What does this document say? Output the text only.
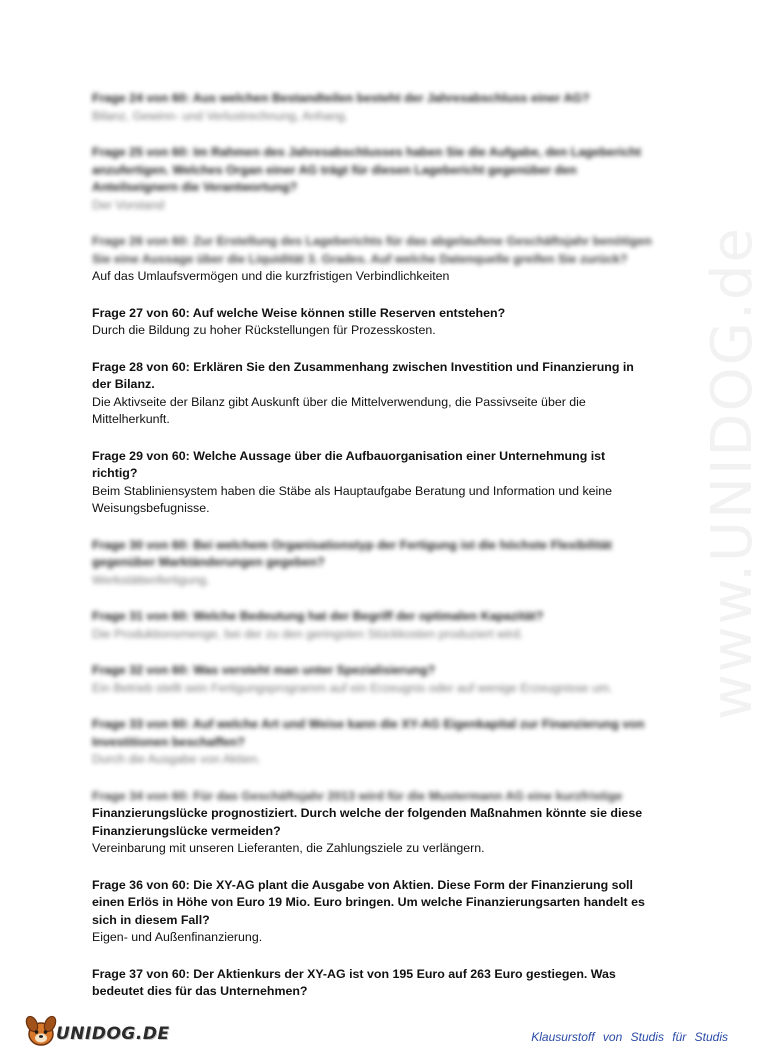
www.UNIDOG.de

Frage 24 von 60: Aus welchen Bestandteilen besteht der Jahresabschluss einer AG?

Bilanz, Gewinn- und Verlustrechnung, Anhang.

Frage 25 von 60: Im Rahmen des Jahresabschlusses haben Sie die Aufgabe, den Lagebericht anzufertigen. Welches Organ einer AG trägt für diesen Lagebericht gegenüber den Anteilseignern die Verantwortung?

Der Vorstand

Frage 26 von 60: Zur Erstellung des Lageberichts für das abgelaufene Geschäftsjahr benötigen Sie eine Aussage über die Liquidität 3. Grades. Auf welche Datenquelle greifen Sie zurück?

Auf das Umlaufsvermögen und die kurzfristigen Verbindlichkeiten

Frage 27 von 60: Auf welche Weise können stille Reserven entstehen?

Durch die Bildung zu hoher Rückstellungen für Prozesskosten.

Frage 28 von 60: Erklären Sie den Zusammenhang zwischen Investition und Finanzierung in der Bilanz.

Die Aktivseite der Bilanz gibt Auskunft über die Mittelverwendung, die Passivseite über die Mittelherkunft.

Frage 29 von 60: Welche Aussage über die Aufbauorganisation einer Unternehmung ist richtig?

Beim Stabliniensystem haben die Stäbe als Hauptaufgabe Beratung und Information und keine Weisungsbefugnisse.

Frage 30 von 60: Bei welchem Organisationstyp der Fertigung ist die höchste Flexibilität gegenüber Marktänderungen gegeben?

Werkstättenfertigung.

Frage 31 von 60: Welche Bedeutung hat der Begriff der optimalen Kapazität?

Die Produktionsmenge, bei der zu den geringsten Stückkosten produziert wird.

Frage 32 von 60: Was versteht man unter Spezialisierung?

Ein Betrieb stellt sein Fertigungsprogramm auf ein Erzeugnis oder auf wenige Erzeugnisse um.

Frage 33 von 60: Auf welche Art und Weise kann die XY-AG Eigenkapital zur Finanzierung von Investitionen beschaffen?

Durch die Ausgabe von Aktien.

Frage 34 von 60: Für das Geschäftsjahr 2013 wird für die Mustermann AG eine kurzfristige

Finanzierungslücke prognostiziert. Durch welche der folgenden Maßnahmen könnte sie diese Finanzierungslücke vermeiden?

Vereinbarung mit unseren Lieferanten, die Zahlungsziele zu verlängern.

Frage 36 von 60: Die XY-AG plant die Ausgabe von Aktien. Diese Form der Finanzierung soll einen Erlös in Höhe von Euro 19 Mio. Euro bringen. Um welche Finanzierungsarten handelt es sich in diesem Fall?

Eigen- und Außenfinanzierung.

Frage 37 von 60: Der Aktienkurs der XY-AG ist von 195 Euro auf 263 Euro gestiegen. Was bedeutet dies für das Unternehmen?

UNIDOG.DE	Klausurstoff von Studis für Studis
